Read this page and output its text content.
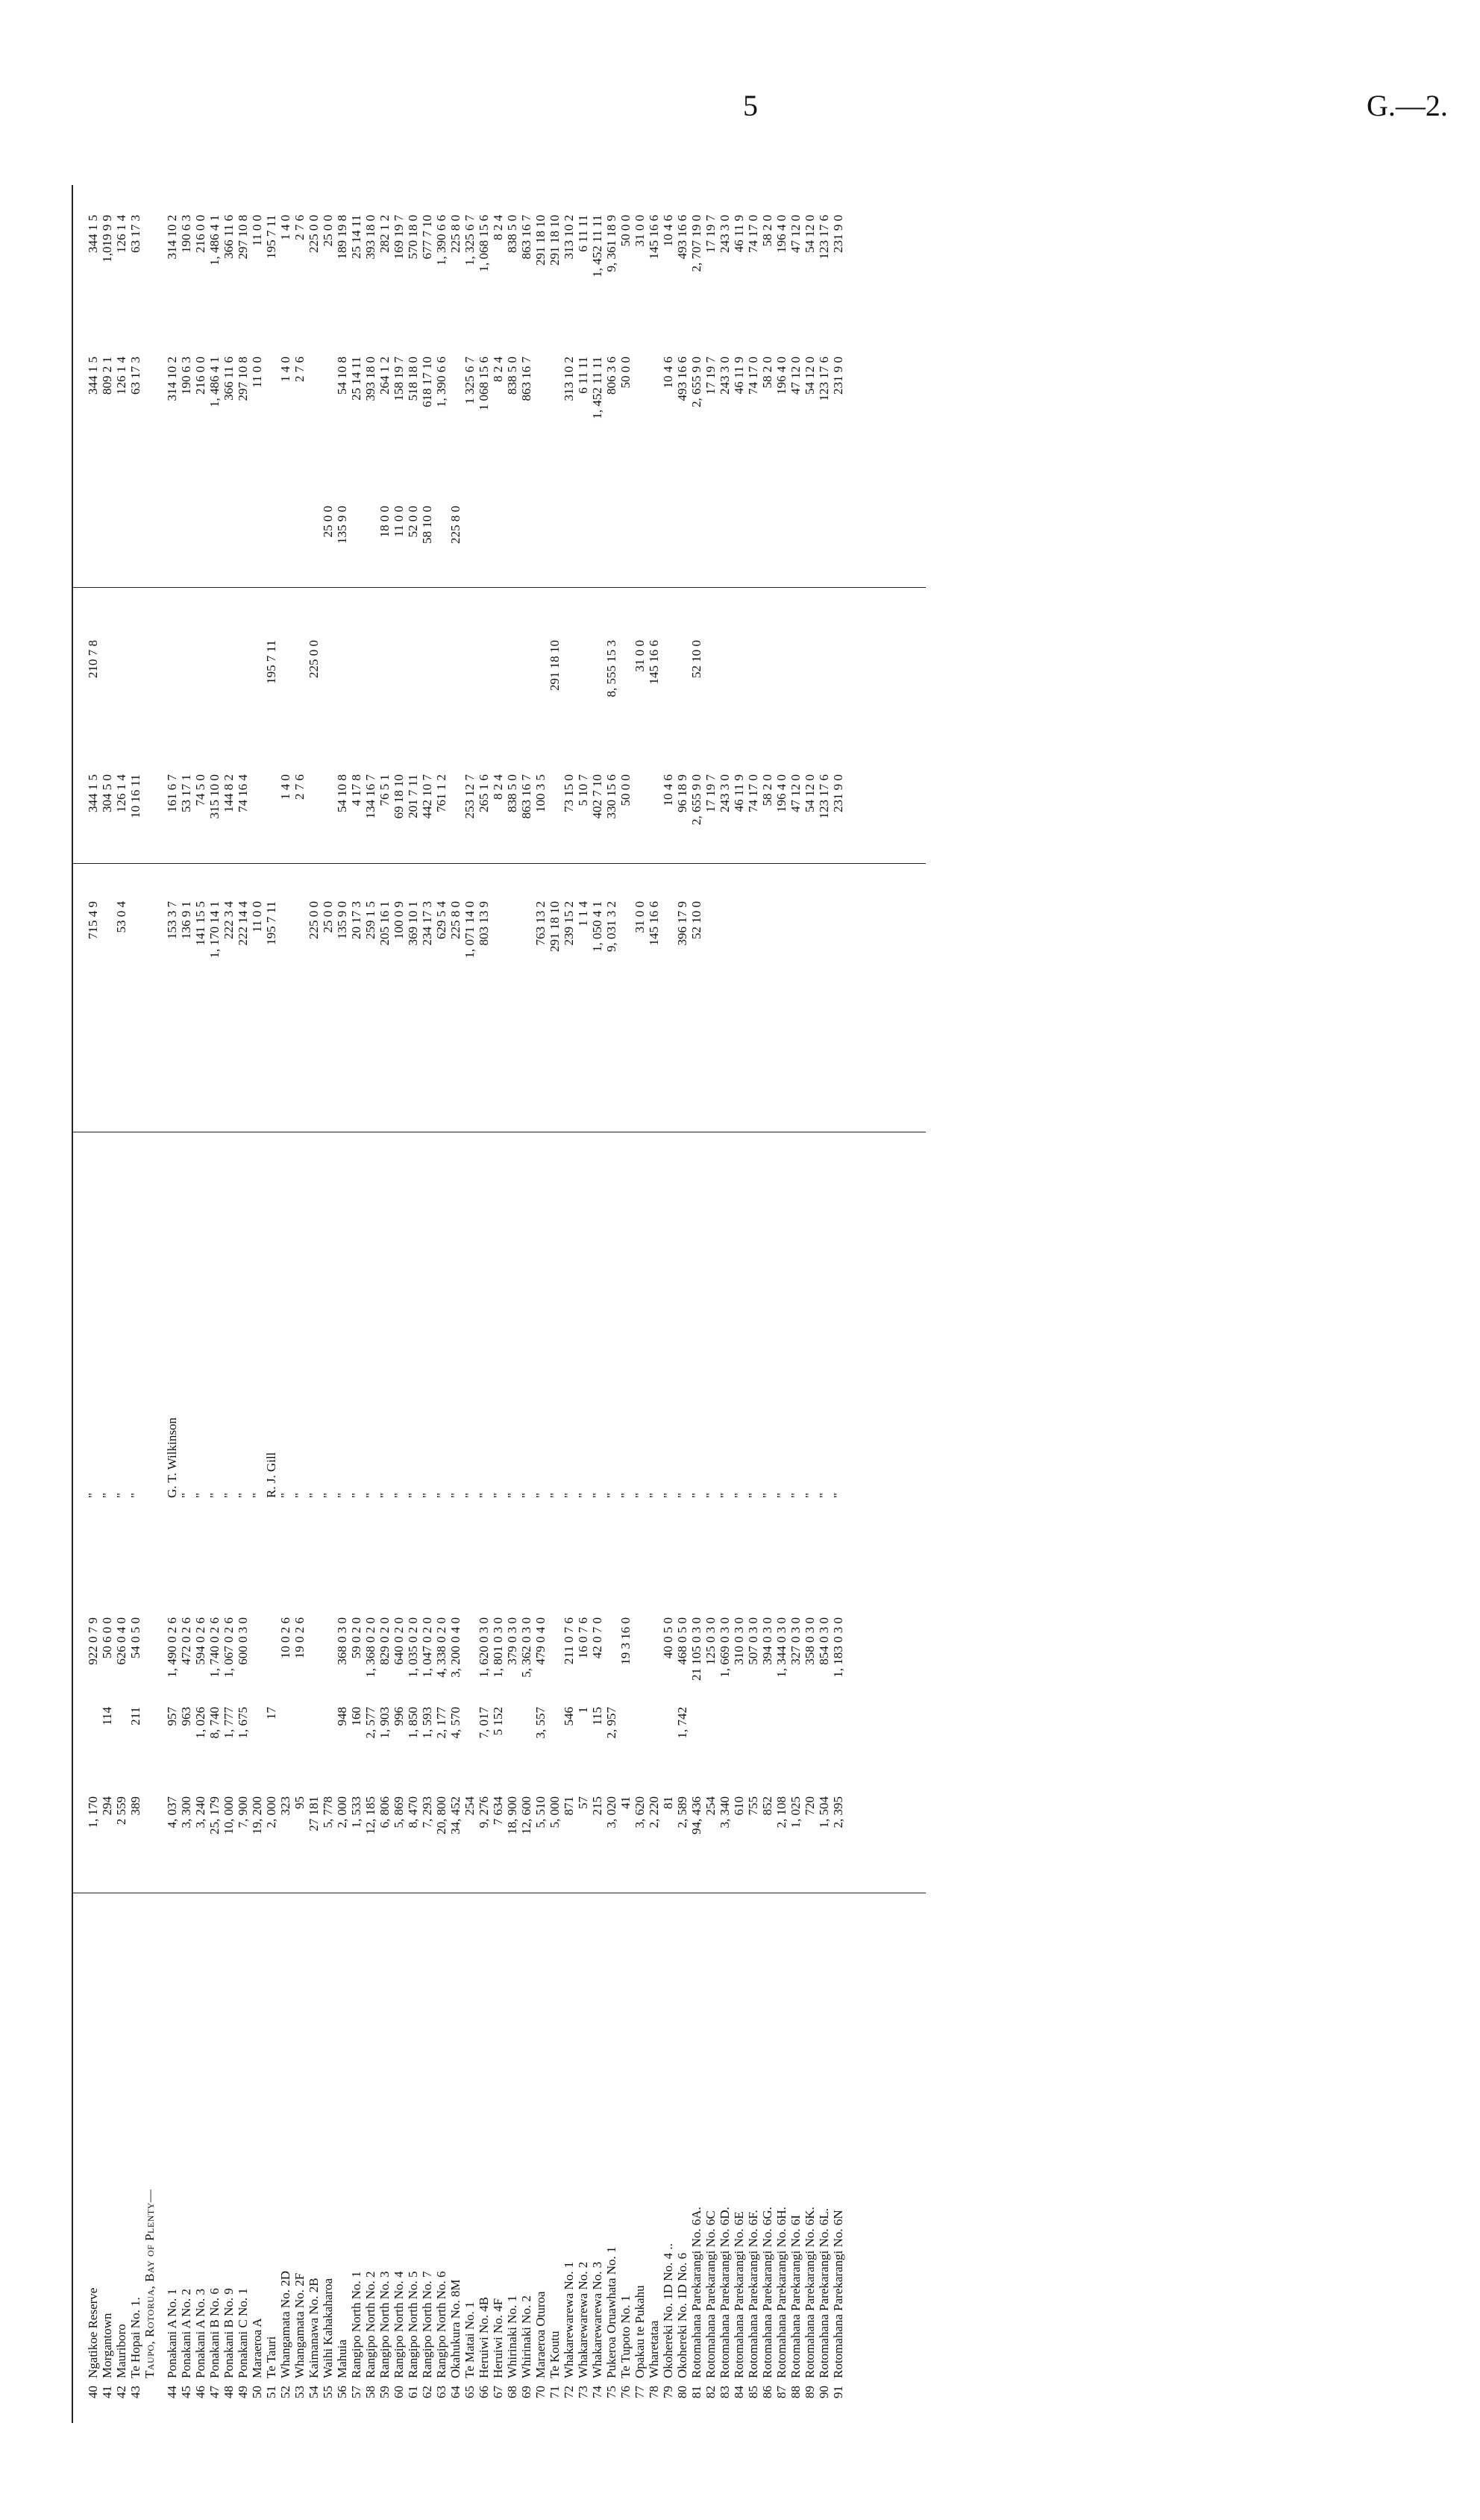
5	G.—2.
40
Ngatikoe Reserve
1, 170
922 0 7 9
"
715 4 9
344 1 5
210 7 8
344 1 5
344 1 5
41
Morgantown
294
114
50 6 0 0
"
304 5 0
809 2 1
1,019 9 9
42
Mauriboro
2 559
626 0 4 0
"
53 0 4
126 1 4
126 1 4
126 1 4
43
Te Hopai No. 1.
389
211
54 0 5 0
"
10 16 11
63 17 3
63 17 3
Taupo, Rotorua, Bay of Plenty—
44
Ponakani A No. 1
4, 037
957
1, 490 0 2 6
G. T. Wilkinson
153 3 7
161 6 7
314 10 2
314 10 2
45
Ponakani A No. 2
3, 300
963
472 0 2 6
"
136 9 1
53 17 1
190 6 3
190 6 3
46
Ponakani A No. 3
3, 240
1, 026
594 0 2 6
"
141 15 5
74 5 0
216 0 0
216 0 0
47
Ponakani B No. 6
25, 179
8, 740
1, 740 0 2 6
"
1, 170 14 1
315 10 0
1, 486 4 1
1, 486 4 1
48
Ponakani B No. 9
10, 000
1, 777
1, 067 0 2 6
"
222 3 4
144 8 2
366 11 6
366 11 6
49
Ponakani C No. 1
7, 900
1, 675
600 0 3 0
"
222 14 4
74 16 4
297 10 8
297 10 8
50
Maraeroa A
19, 200
"
11 0 0
11 0 0
11 0 0
51
Te Tauri
2, 000
17
R. J. Gill
195 7 11
195 7 11
195 7 11
52
Whangamata No. 2D
323
10 0 2 6
"
1 4 0
1 4 0
1 4 0
53
Whangamata No. 2F
95
19 0 2 6
"
2 7 6
2 7 6
2 7 6
54
Kaimanawa No. 2B
27 181
"
225 0 0
225 0 0
225 0 0
55
Waihi Kahakaharoa
5, 778
"
25 0 0
25 0 0
25 0 0
56
Mahuia
2, 000
948
368 0 3 0
"
135 9 0
54 10 8
135 9 0
54 10 8
189 19 8
57
Rangipo North No. 1
1, 533
160
59 0 2 0
"
20 17 3
4 17 8
25 14 11
25 14 11
58
Rangipo North No. 2
12, 185
2, 577
1, 368 0 2 0
"
259 1 5
134 16 7
393 18 0
393 18 0
59
Rangipo North No. 3
6, 806
1, 903
829 0 2 0
"
205 16 1
76 5 1
18 0 0
264 1 2
282 1 2
60
Rangipo North No. 4
5, 869
996
640 0 2 0
"
100 0 9
69 18 10
11 0 0
158 19 7
169 19 7
61
Rangipo North No. 5
8, 470
1, 850
1, 035 0 2 0
"
369 10 1
201 7 11
52 0 0
518 18 0
570 18 0
62
Rangipo North No. 7
7, 293
1, 593
1, 047 0 2 0
"
234 17 3
442 10 7
58 10 0
618 17 10
677 7 10
63
Rangipo North No. 6
20, 800
2, 177
4, 338 0 2 0
"
629 5 4
761 1 2
1, 390 6 6
1, 390 6 6
64
Okahukura No. 8M
34, 452
4, 570
3, 200 0 4 0
"
225 8 0
225 8 0
225 8 0
65
Te Matai No. 1
254
"
1, 071 14 0
253 12 7
1 325 6 7
1, 325 6 7
66
Heruiwi No. 4B
9, 276
7, 017
1, 620 0 3 0
"
803 13 9
265 1 6
1 068 15 6
1, 068 15 6
67
Heruiwi No. 4F
7 634
5 152
1, 801 0 3 0
"
8 2 4
8 2 4
8 2 4
68
Whirinaki No. 1
18, 900
379 0 3 0
"
838 5 0
838 5 0
838 5 0
69
Whirinaki No. 2
12, 600
5, 362 0 3 0
"
863 16 7
863 16 7
863 16 7
70
Maraeroa Oturoa
5, 510
3, 557
479 0 4 0
"
763 13 2
100 3 5
291 18 10
71
Te Koutu
5, 000
"
291 18 10
291 18 10
291 18 10
72
Whakarewarewa No. 1
871
546
211 0 7 6
"
239 15 2
73 15 0
313 10 2
313 10 2
73
Whakarewarewa No. 2
57
1
16 0 7 6
"
1 1 4
5 10 7
6 11 11
6 11 11
74
Whakarewarewa No. 3
215
115
42 0 7 0
"
1, 050 4 1
402 7 10
1, 452 11 11
1, 452 11 11
75
Pukeroa Oruawhata No. 1
3, 020
2, 957
"
9, 031 3 2
330 15 6
8, 555 15 3
806 3 6
9, 361 18 9
76
Te Tupoto No. 1
41
19 3 16 0
"
50 0 0
50 0 0
50 0 0
77
Opakau te Pukahu
3, 620
"
31 0 0
31 0 0
31 0 0
78
Wharetataa
2, 220
"
145 16 6
145 16 6
145 16 6
79
Okohereki No. 1D No. 4 ..
81
40 0 5 0
"
10 4 6
10 4 6
10 4 6
80
Okohereki No. 1D No. 6
2, 589
1, 742
468 0 5 0
"
396 17 9
96 18 9
493 16 6
493 16 6
81
Rotomahana Parekarangi No. 6A.
94, 436
21 105 0 3 0
"
52 10 0
2, 655 9 0
52 10 0
2, 655 9 0
2, 707 19 0
82
Rotomahana Parekarangi No. 6C
254
125 0 3 0
"
17 19 7
17 19 7
17 19 7
83
Rotomahana Parekarangi No. 6D.
3, 340
1, 669 0 3 0
"
243 3 0
243 3 0
243 3 0
84
Rotomahana Parekarangi No. 6E
610
310 0 3 0
"
46 11 9
46 11 9
46 11 9
85
Rotomahana Parekarangi No. 6F.
755
507 0 3 0
"
74 17 0
74 17 0
74 17 0
86
Rotomahana Parekarangi No. 6G.
852
394 0 3 0
"
58 2 0
58 2 0
58 2 0
87
Rotomahana Parekarangi No. 6H.
2, 108
1, 344 0 3 0
"
196 4 0
196 4 0
196 4 0
88
Rotomahana Parekarangi No. 6I
1, 025
327 0 3 0
"
47 12 0
47 12 0
47 12 0
89
Rotomahana Parekarangi No. 6K.
720
358 0 3 0
"
54 12 0
54 12 0
54 12 0
90
Rotomahana Parekarangi No. 6L.
1, 504
854 0 3 0
"
123 17 6
123 17 6
123 17 6
91
Rotomahana Parekarangi No. 6N
2, 395
1, 183 0 3 0
"
231 9 0
231 9 0
231 9 0
